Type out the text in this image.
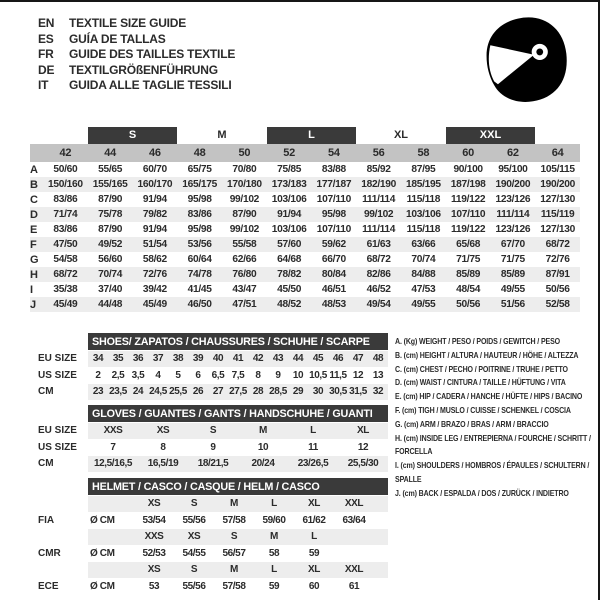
EN	TEXTILE SIZE GUIDE
ES	GUÍA DE TALLAS
FR	GUIDE DES TAILLES TEXTILE
DE	TEXTILGRÖßENFÜHRUNG
IT	GUIDA ALLE TAGLIE TESSILI
S	M	L	XL	XXL
42	44	46	48	50	52	54	56	58	60	62	64
A	50/60	55/65	60/70	65/75	70/80	75/85	83/88	85/92	87/95	90/100	95/100	105/115
B 150/160 155/165 160/170 165/175 170/180 173/183 177/187 182/190 185/195 187/198 190/200 190/200
C	83/86	87/90	91/94	95/98	99/102	103/106	107/110	111/114	115/118	119/122	123/126 127/130
D	71/74	75/78	79/82	83/86	87/90	91/94	95/98	99/102	103/106	107/110	111/114	115/119
E	83/86	87/90	91/94	95/98	99/102	103/106	107/110	111/114	115/118	119/122	123/126 127/130
F	47/50	49/52	51/54	53/56	55/58	57/60	59/62	61/63	63/66	65/68	67/70	68/72
G	54/58	56/60	58/62	60/64	62/66	64/68	66/70	68/72	70/74	71/75	71/75	72/76
H	68/72	70/74	72/76	74/78	76/80	78/82	80/84	82/86	84/88	85/89	85/89	87/91
I	35/38	37/40	39/42	41/45	43/47	45/50	46/51	46/52	47/53	48/54	49/55	50/56
J	45/49	44/48	45/49	46/50	47/51	48/52	48/53	49/54	49/55	50/56	51/56	52/58
SHOES/ ZAPATOS / CHAUSSURES / SCHUHE / SCARPE
EU SIZE	34 35 36 37 38 39 40 41 42 43 44 45 46 47 48
US SIZE	2	2,5 3,5	4	5	6	6,5 7,5	8	9	10 10,5 11,5 12 13
CM	23 23,5 24 24,5 25,5 26 27 27,5 28 28,5 29 30 30,5 31,5 32
GLOVES / GUANTES / GANTS / HANDSCHUHE / GUANTI
EU SIZE	XXS	XS	S	M	L	XL
US SIZE	7	8	9	10	11	12
CM	12,5/16,5	16,5/19	18/21,5	20/24	23/26,5	25,5/30
HELMET / CASCO / CASQUE / HELM / CASCO
XS	S	M	L	XL	XXL
FIA	Ø CM	53/54	55/56	57/58	59/60	61/62	63/64
XXS	XS	S	M	L
CMR	Ø CM	52/53	54/55	56/57	58	59
XS	S	M	L	XL	XXL
ECE	Ø CM	53	55/56	57/58	59	60	61
A. (Kg) WEIGHT / PESO / POIDS / GEWITCH / PESO
B. (cm) HEIGHT / ALTURA / HAUTEUR / HÖHE / ALTEZZA
C. (cm) CHEST / PECHO / POITRINE / TRUHE / PETTO
D. (cm) WAIST / CINTURA / TAILLE / HÜFTUNG / VITA
E. (cm) HIP / CADERA / HANCHE / HÜFTE / HIPS / BACINO
F. (cm) TIGH / MUSLO / CUISSE / SCHENKEL / COSCIA
G. (cm) ARM / BRAZO / BRAS / ARM / BRACCIO
H. (cm) INSIDE LEG / ENTREPIERNA / FOURCHE / SCHRITT / FORCELLA
I. (cm) SHOULDERS / HOMBROS / ÉPAULES / SCHULTERN / SPALLE
J. (cm) BACK / ESPALDA / DOS / ZURÜCK / INDIETRO
